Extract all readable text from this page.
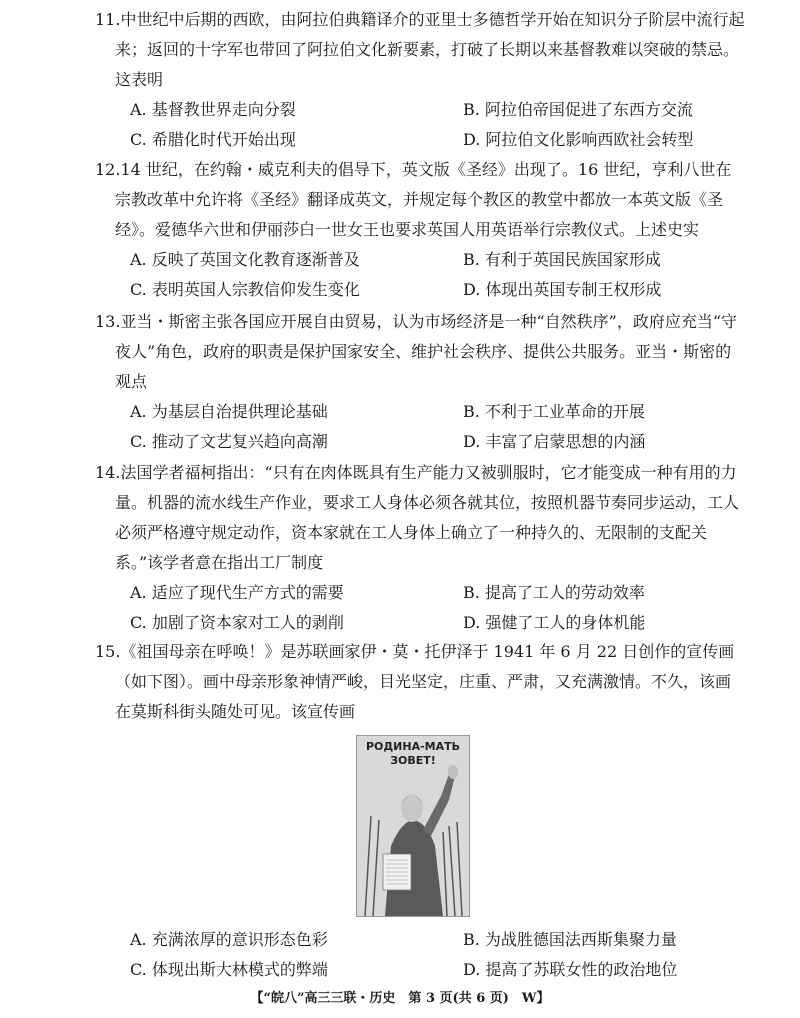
11.中世纪中后期的西欧，由阿拉伯典籍译介的亚里士多德哲学开始在知识分子阶层中流行起来；返回的十字军也带回了阿拉伯文化新要素，打破了长期以来基督教难以突破的禁忌。这表明

A. 基督教世界走向分裂	B. 阿拉伯帝国促进了东西方交流
C. 希腊化时代开始出现	D. 阿拉伯文化影响西欧社会转型

12.14 世纪，在约翰・威克利夫的倡导下，英文版《圣经》出现了。16 世纪，亨利八世在宗教改革中允许将《圣经》翻译成英文，并规定每个教区的教堂中都放一本英文版《圣经》。爱德华六世和伊丽莎白一世女王也要求英国人用英语举行宗教仪式。上述史实

A. 反映了英国文化教育逐渐普及	B. 有利于英国民族国家形成
C. 表明英国人宗教信仰发生变化	D. 体现出英国专制王权形成

13.亚当・斯密主张各国应开展自由贸易，认为市场经济是一种“自然秩序”，政府应充当“守夜人”角色，政府的职责是保护国家安全、维护社会秩序、提供公共服务。亚当・斯密的观点

A. 为基层自治提供理论基础	B. 不利于工业革命的开展
C. 推动了文艺复兴趋向高潮	D. 丰富了启蒙思想的内涵

14.法国学者福柯指出：“只有在肉体既具有生产能力又被驯服时，它才能变成一种有用的力量。机器的流水线生产作业，要求工人身体必须各就其位，按照机器节奏同步运动，工人必须严格遵守规定动作，资本家就在工人身体上确立了一种持久的、无限制的支配关系。”该学者意在指出工厂制度

A. 适应了现代生产方式的需要	B. 提高了工人的劳动效率
C. 加剧了资本家对工人的剥削	D. 强健了工人的身体机能

15.《祖国母亲在呼唤！》是苏联画家伊・莫・托伊泽于 1941 年 6 月 22 日创作的宣传画（如下图）。画中母亲形象神情严峻，目光坚定，庄重、严肃，又充满激情。不久，该画在莫斯科街头随处可见。该宣传画

РОДИНА-МАТЬ
ЗОВЕТ!
A. 充满浓厚的意识形态色彩	B. 为战胜德国法西斯集聚力量
C. 体现出斯大林模式的弊端	D. 提高了苏联女性的政治地位
【“皖八”高三三联・历史　第 3 页(共 6 页)　W】
